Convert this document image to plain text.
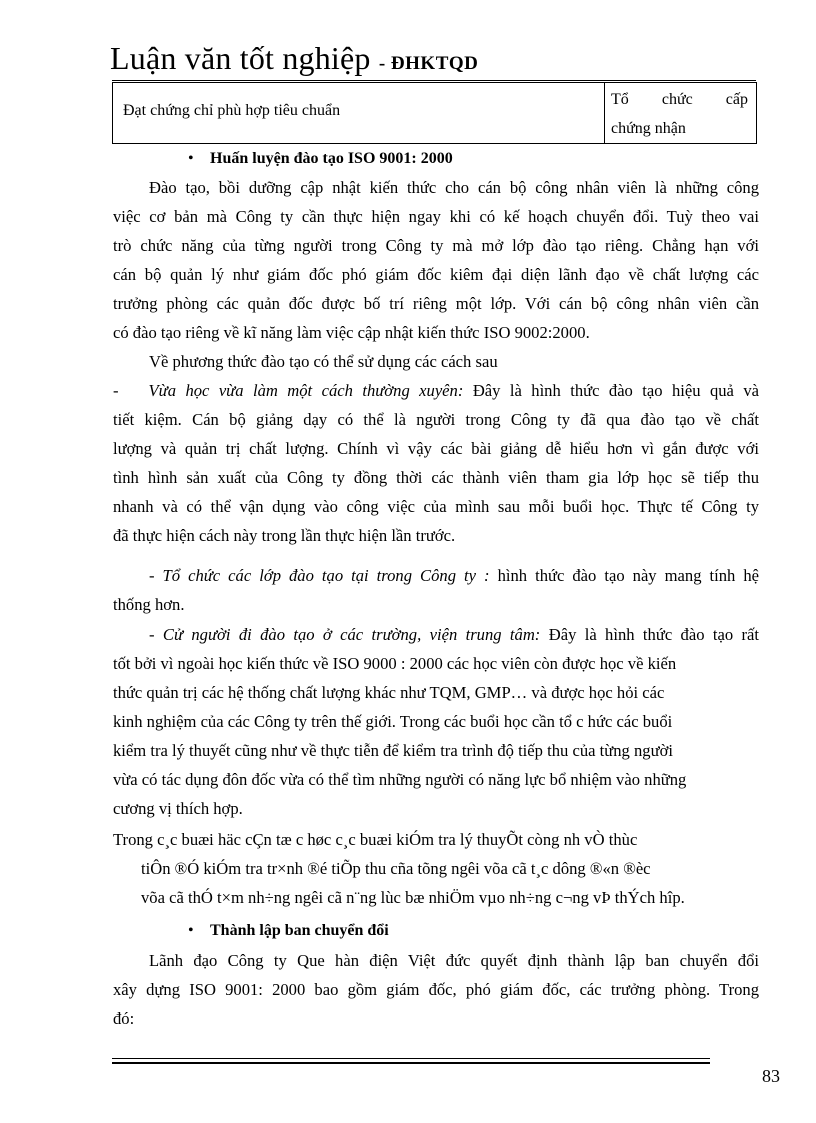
Luận văn tốt nghiệp - ĐHKTQD
Đạt chứng chỉ phù hợp tiêu chuẩn
Tổ chức cấp
chứng nhận
• Huấn luyện đào tạo ISO 9001: 2000
Đào tạo, bồi dưỡng cập nhật kiến thức cho cán bộ công nhân viên là những công
việc cơ bản mà Công ty cần thực hiện ngay khi có kế hoạch chuyển đổi. Tuỳ theo vai
trò chức năng của từng người trong Công ty mà mở lớp đào tạo riêng. Chẳng hạn với
cán bộ quản lý như giám đốc phó giám đốc kiêm đại diện lãnh đạo về chất lượng các
trưởng phòng các quản đốc được bố trí riêng một lớp. Với cán bộ công nhân viên cần
có đào tạo riêng về kĩ năng làm việc cập nhật kiến thức ISO 9002:2000.
Về phương thức đào tạo có thể sử dụng các cách sau
- Vừa học vừa làm một cách thường xuyên: Đây là hình thức đào tạo hiệu quả và
tiết kiệm. Cán bộ giảng dạy có thể là người trong Công ty đã qua đào tạo về chất
lượng và quản trị chất lượng. Chính vì vậy các bài giảng dễ hiểu hơn vì gắn được với
tình hình sản xuất của Công ty đồng thời các thành viên tham gia lớp học sẽ tiếp thu
nhanh và có thể vận dụng vào công việc của mình sau mỗi buổi học. Thực tế Công ty
đã thực hiện cách này trong lần thực hiện lần trước.
- Tổ chức các lớp đào tạo tại trong Công ty : hình thức đào tạo này mang tính hệ
thống hơn.
- Cử người đi đào tạo ở các trường, viện trung tâm: Đây là hình thức đào tạo rất
tốt bởi vì ngoài học kiến thức về ISO 9000 : 2000 các học viên còn được học về kiến
thức quản trị các hệ thống chất lượng khác như TQM, GMP… và được học hỏi các
kinh nghiệm của các Công ty trên thế giới. Trong các buổi học cần tổ c hức các buổi
kiểm tra lý thuyết cũng như về thực tiễn để kiểm tra trình độ tiếp thu của từng người
vừa có tác dụng đôn đốc vừa có thể tìm những người có năng lực bổ nhiệm vào những
cương vị thích hợp.
Trong c¸c buæi häc cÇn tæ c høc c¸c buæi kiÓm tra lý thuyÕt còng nh vÒ thùc
tiÔn ®Ó kiÓm tra tr×nh ®é tiÕp thu cña tõng ngêi võa cã t¸c dông ®«n ®èc
võa cã thÓ t×m nh÷ng ngêi cã n¨ng lùc bæ nhiÖm vµo nh÷ng c¬ng vÞ thÝch hîp.
• Thành lập ban chuyển đổi
Lãnh đạo Công ty Que hàn điện Việt đức quyết định thành lập ban chuyển đổi
xây dựng ISO 9001: 2000 bao gồm giám đốc, phó giám đốc, các trưởng phòng. Trong
đó:
83
